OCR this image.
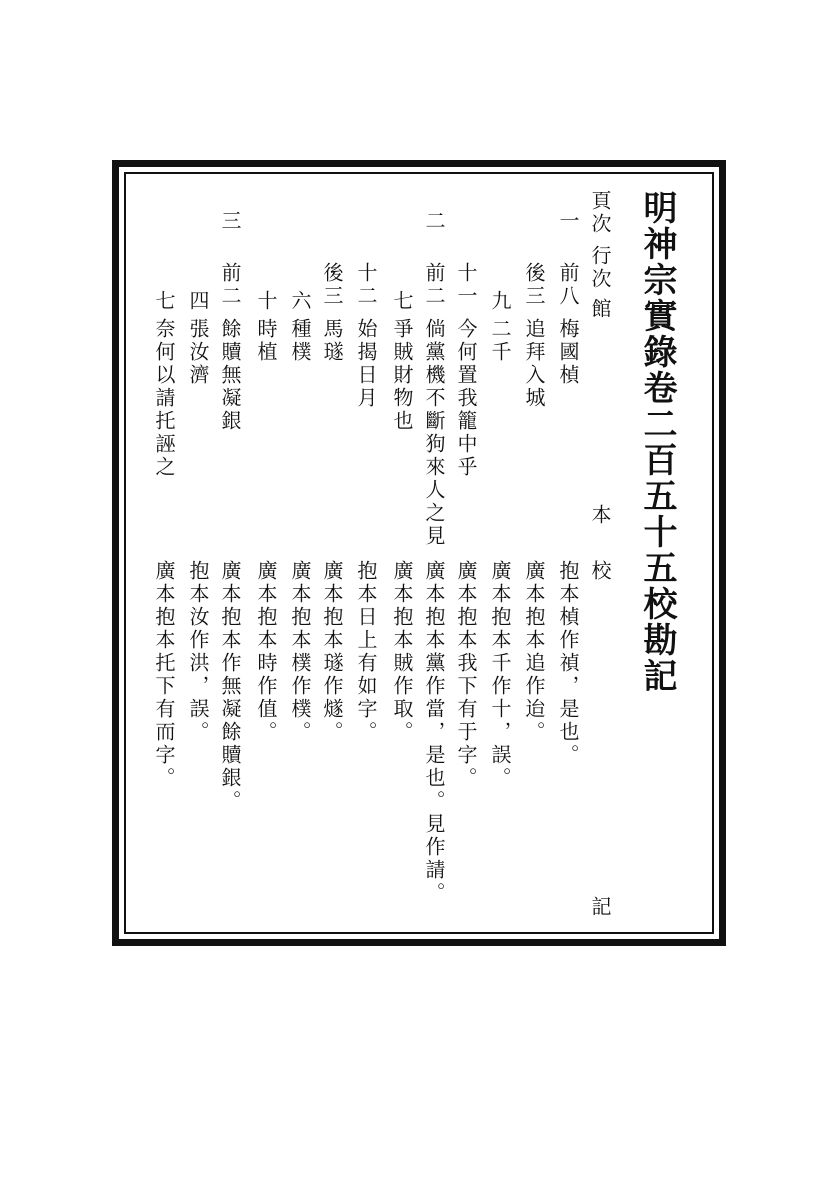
明神宗實錄卷二百五十五校勘記
頁次
行次
館
本
校
記
一
二
三
前八
梅國楨
抱本楨作禎，是也。
後三
追拜入城
廣本抱本追作迨。
九
二千
廣本抱本千作十，誤。
十一
今何置我籠中乎
廣本抱本我下有于字。
前二
倘黨機不斷狗來人之見
廣本抱本黨作當，是也。見作請。
七
爭賊財物也
廣本抱本賊作取。
十二
始揭日月
抱本日上有如字。
後三
馬璲
廣本抱本璲作燧。
六
種樸
廣本抱本樸作樸。
十
時植
廣本抱本時作值。
前二
餘贖無凝銀
廣本抱本作無凝餘贖銀。
四
張汝濟
抱本汝作洪，誤。
七
奈何以請托誣之
廣本抱本托下有而字。
